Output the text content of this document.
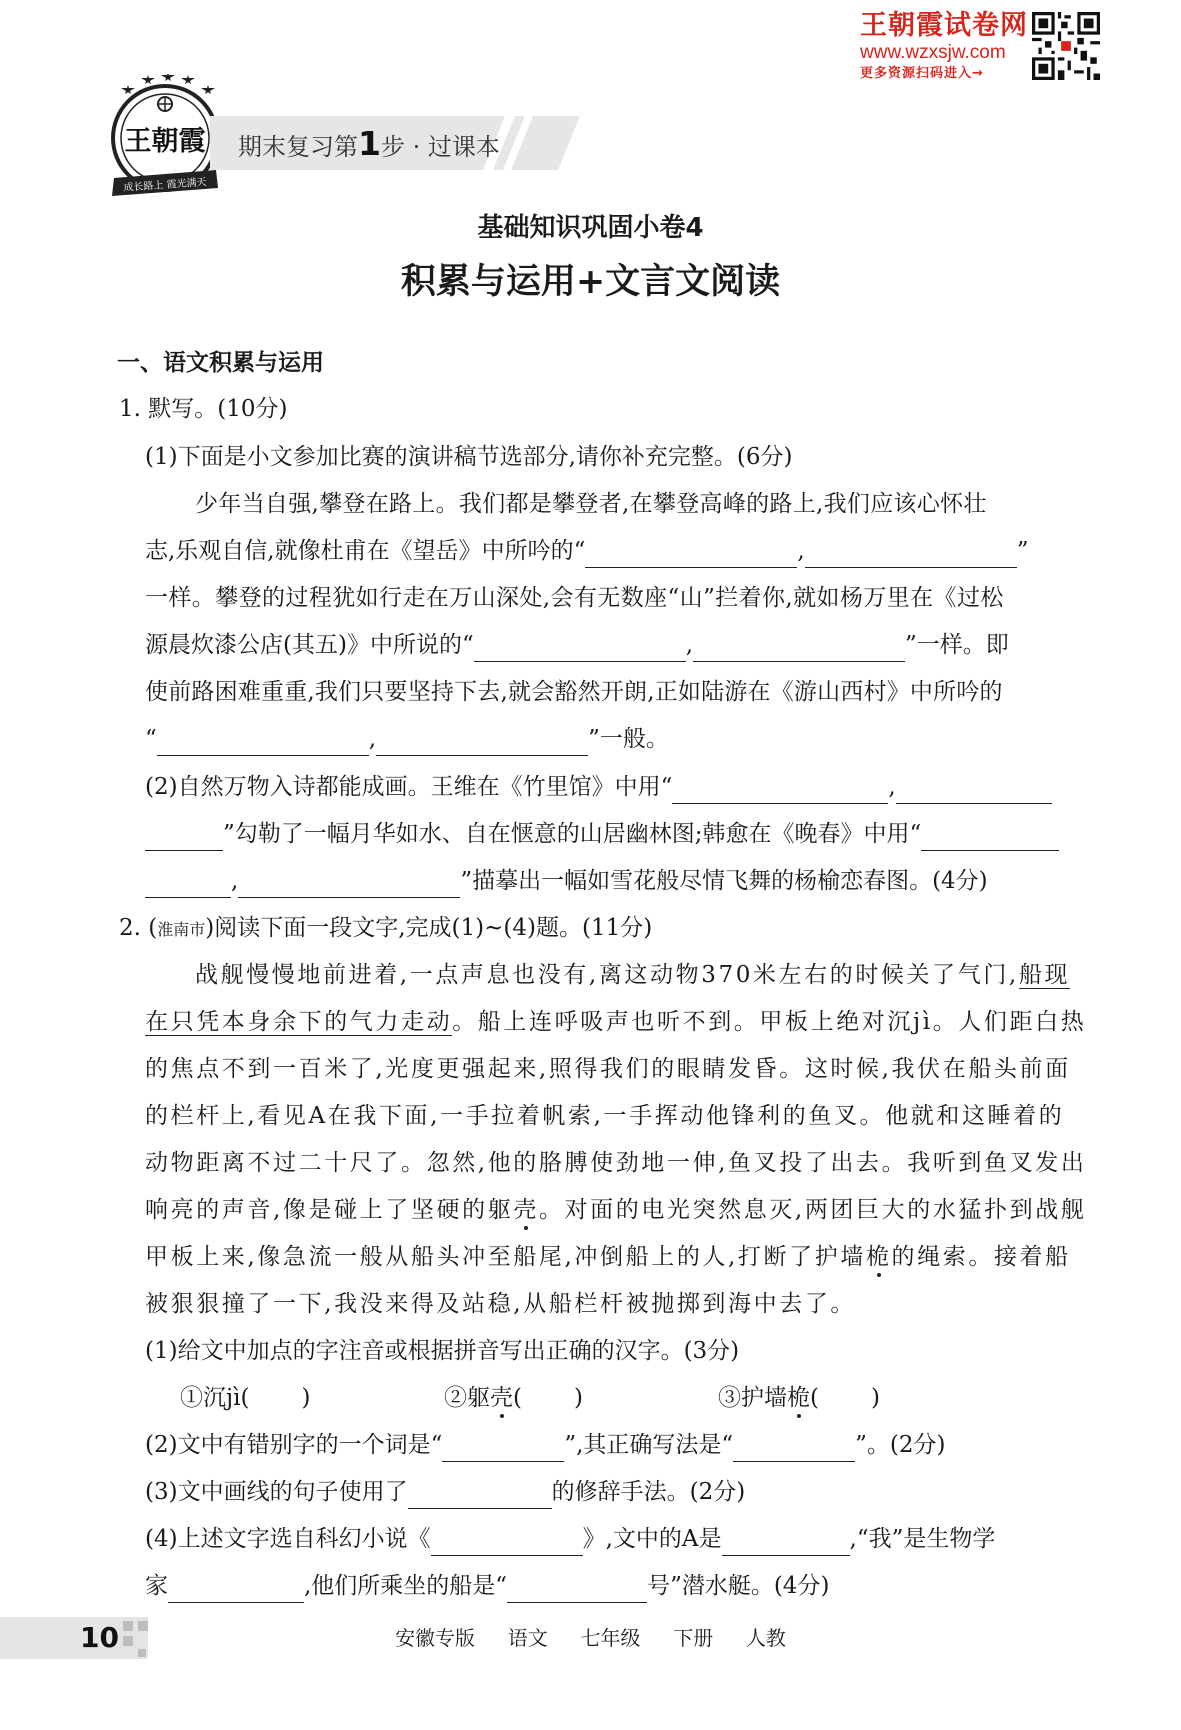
王朝霞试卷网
www.wzxsjw.com
更多资源扫码进入→
王朝霞
成长路上 霞光满天
期末复习第1步 · 过课本
基础知识巩固小卷4
积累与运用+文言文阅读
一、语文积累与运用
1. 默写。(10分)
(1)下面是小文参加比赛的演讲稿节选部分,请你补充完整。(6分)
少年当自强,攀登在路上。我们都是攀登者,在攀登高峰的路上,我们应该心怀壮
志,乐观自信,就像杜甫在《望岳》中所吟的“	,	”
一样。攀登的过程犹如行走在万山深处,会有无数座“山”拦着你,就如杨万里在《过松
源晨炊漆公店(其五)》中所说的“	,	”一样。即
使前路困难重重,我们只要坚持下去,就会豁然开朗,正如陆游在《游山西村》中所吟的
“	,	”一般。
(2)自然万物入诗都能成画。王维在《竹里馆》中用“	,
”勾勒了一幅月华如水、自在惬意的山居幽林图;韩愈在《晚春》中用“
,	”描摹出一幅如雪花般尽情飞舞的杨榆恋春图。(4分)
2. (淮南市)阅读下面一段文字,完成(1)~(4)题。(11分)
战舰慢慢地前进着,一点声息也没有,离这动物370米左右的时候关了气门,船现
在只凭本身余下的气力走动。船上连呼吸声也听不到。甲板上绝对沉jì。人们距白热
的焦点不到一百米了,光度更强起来,照得我们的眼睛发昏。这时候,我伏在船头前面
的栏杆上,看见A在我下面,一手拉着帆索,一手挥动他锋利的鱼叉。他就和这睡着的
动物距离不过二十尺了。忽然,他的胳膊使劲地一伸,鱼叉投了出去。我听到鱼叉发出
响亮的声音,像是碰上了坚硬的躯壳。对面的电光突然息灭,两团巨大的水猛扑到战舰
甲板上来,像急流一般从船头冲至船尾,冲倒船上的人,打断了护墙桅的绳索。接着船
被狠狠撞了一下,我没来得及站稳,从船栏杆被抛掷到海中去了。
(1)给文中加点的字注音或根据拼音写出正确的汉字。(3分)
①沉jì( )	②躯壳( )	③护墙桅( )
(2)文中有错别字的一个词是“	”,其正确写法是“	”。(2分)
(3)文中画线的句子使用了	的修辞手法。(2分)
(4)上述文字选自科幻小说《	》,文中的A是	,“我”是生物学
家	,他们所乘坐的船是“	号”潜水艇。(4分)
10	安徽专版  语文  七年级  下册  人教
